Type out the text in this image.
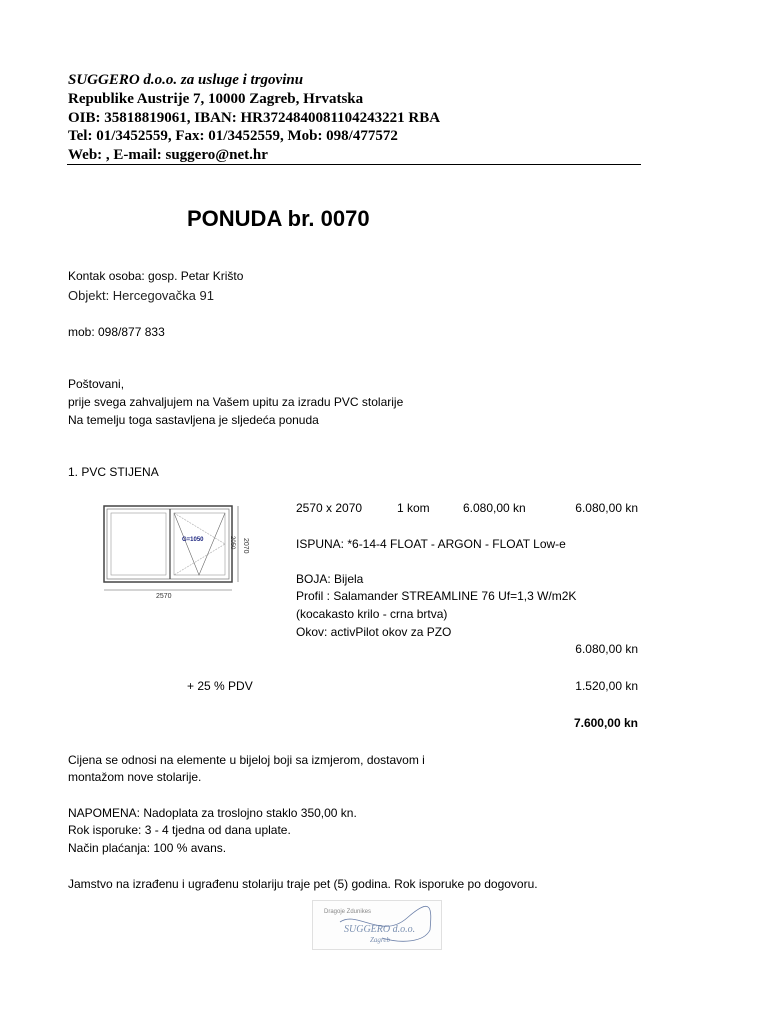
SUGGERO d.o.o. za usluge i trgovinu
Republike Austrije 7, 10000 Zagreb, Hrvatska
OIB: 35818819061, IBAN: HR3724840081104243221 RBA
Tel: 01/3452559, Fax: 01/3452559, Mob: 098/477572
Web: , E-mail: suggero@net.hr
PONUDA br. 0070
Kontak osoba: gosp. Petar Krišto
Objekt: Hercegovačka 91
mob: 098/877 833
Poštovani,
prije svega zahvaljujem na Vašem upitu za izradu PVC stolarije
Na temelju toga sastavljena je sljedeća ponuda
1. PVC STIJENA
G=1050
2570
2070
2050
2570 x 2070	1 kom	6.080,00 kn	6.080,00 kn
ISPUNA: *6-14-4 FLOAT - ARGON - FLOAT Low-e
BOJA: Bijela
Profil : Salamander STREAMLINE 76 Uf=1,3 W/m2K
(kocakasto krilo - crna brtva)
Okov: activPilot okov za PZO
6.080,00 kn
+ 25 % PDV	1.520,00 kn
7.600,00 kn
Cijena se odnosi na elemente u bijeloj boji sa izmjerom, dostavom i
montažom nove stolarije.
NAPOMENA: Nadoplata za troslojno staklo 350,00 kn.
Rok isporuke: 3 - 4 tjedna od dana uplate.
Način plaćanja: 100 % avans.
Jamstvo na izrađenu i ugrađenu stolariju traje pet (5) godina. Rok isporuke po dogovoru.
Dragoje Zdunikes
SUGGERO d.o.o.
Zagreb
